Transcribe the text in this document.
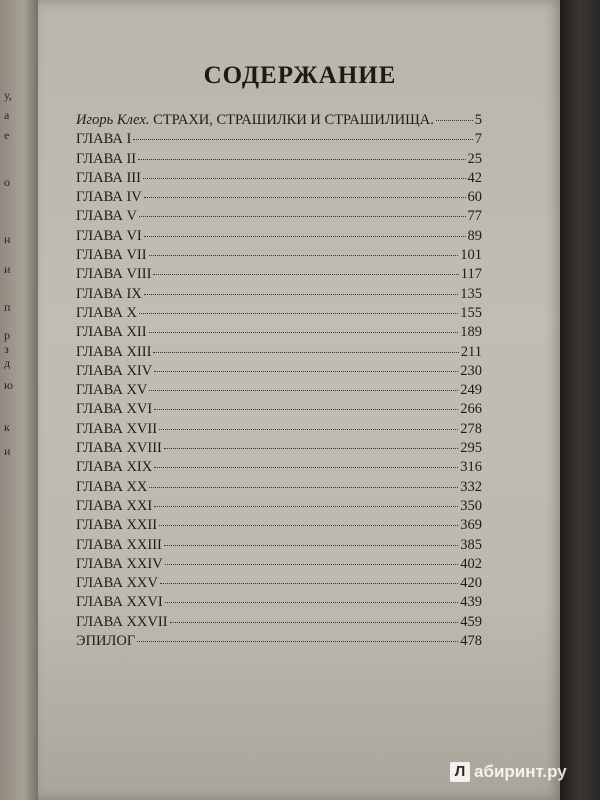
у,
а
е
о
н
и
п
р
з
д
ю
к
и
СОДЕРЖАНИЕ
Игорь Клех. СТРАХИ, СТРАШИЛКИ И СТРАШИЛИЩА.	5
ГЛАВА I	7
ГЛАВА II	25
ГЛАВА III	42
ГЛАВА IV	60
ГЛАВА V	77
ГЛАВА VI	89
ГЛАВА VII	101
ГЛАВА VIII	117
ГЛАВА IX	135
ГЛАВА X	155
ГЛАВА XII	189
ГЛАВА XIII	211
ГЛАВА XIV	230
ГЛАВА XV	249
ГЛАВА XVI	266
ГЛАВА XVII	278
ГЛАВА XVIII	295
ГЛАВА XIX	316
ГЛАВА XX	332
ГЛАВА XXI	350
ГЛАВА XXII	369
ГЛАВА XXIII	385
ГЛАВА XXIV	402
ГЛАВА XXV	420
ГЛАВА XXVI	439
ГЛАВА XXVII	459
ЭПИЛОГ	478
Л абиринт.ру
